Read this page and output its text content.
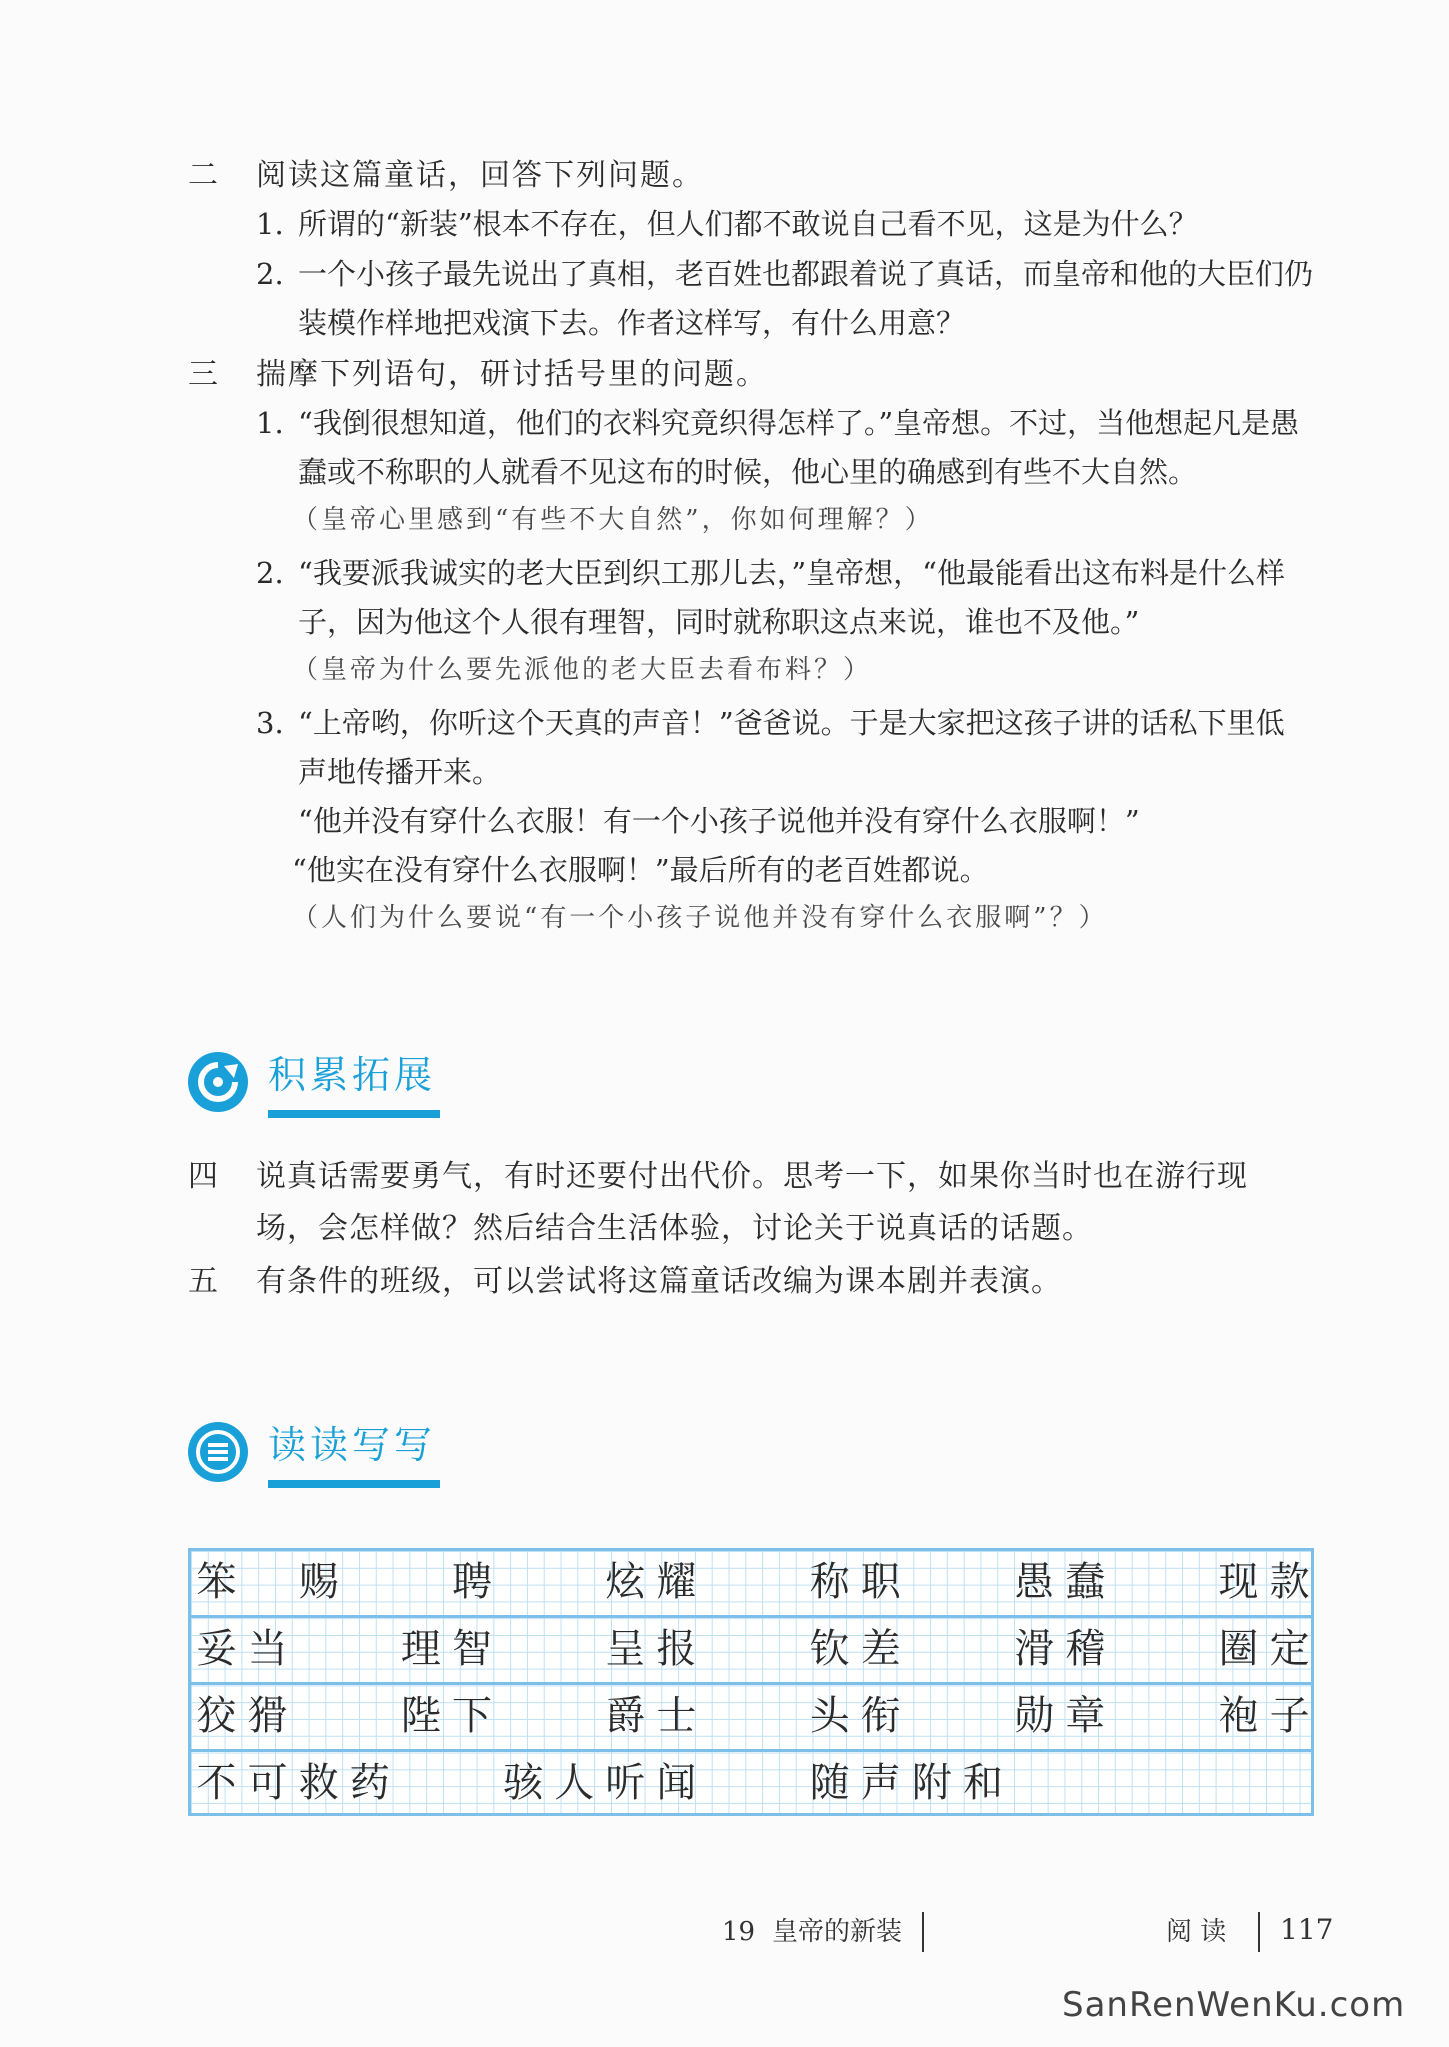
二 阅读这篇童话，回答下列问题。
1. 所谓的“新装”根本不存在，但人们都不敢说自己看不见，这是为什么？
2. 一个小孩子最先说出了真相，老百姓也都跟着说了真话，而皇帝和他的大臣们仍
装模作样地把戏演下去。作者这样写，有什么用意？
三 揣摩下列语句，研讨括号里的问题。
1. “我倒很想知道，他们的衣料究竟织得怎样了。”皇帝想。不过，当他想起凡是愚
蠢或不称职的人就看不见这布的时候，他心里的确感到有些不大自然。
（皇帝心里感到“有些不大自然”，你如何理解？）
2. “我要派我诚实的老大臣到织工那儿去，”皇帝想，“他最能看出这布料是什么样
子，因为他这个人很有理智，同时就称职这点来说，谁也不及他。”
（皇帝为什么要先派他的老大臣去看布料？）
3. “上帝哟，你听这个天真的声音！”爸爸说。于是大家把这孩子讲的话私下里低
声地传播开来。
“他并没有穿什么衣服！有一个小孩子说他并没有穿什么衣服啊！”
“他实在没有穿什么衣服啊！”最后所有的老百姓都说。
（人们为什么要说“有一个小孩子说他并没有穿什么衣服啊”？）
积累拓展
四 说真话需要勇气，有时还要付出代价。思考一下，如果你当时也在游行现
场，会怎样做？然后结合生活体验，讨论关于说真话的话题。
五 有条件的班级，可以尝试将这篇童话改编为课本剧并表演。
读读写写
笨	赐	聘	炫 耀	称 职	愚 蠢	现 款
妥 当	理 智	呈 报	钦 差	滑 稽	圈 定
狡 猾	陛 下	爵 士	头 衔	勋 章	袍 子
不 可 救 药	骇 人 听 闻	随 声 附 和
19 皇帝的新装	阅 读 117
SanRenWenKu.com
